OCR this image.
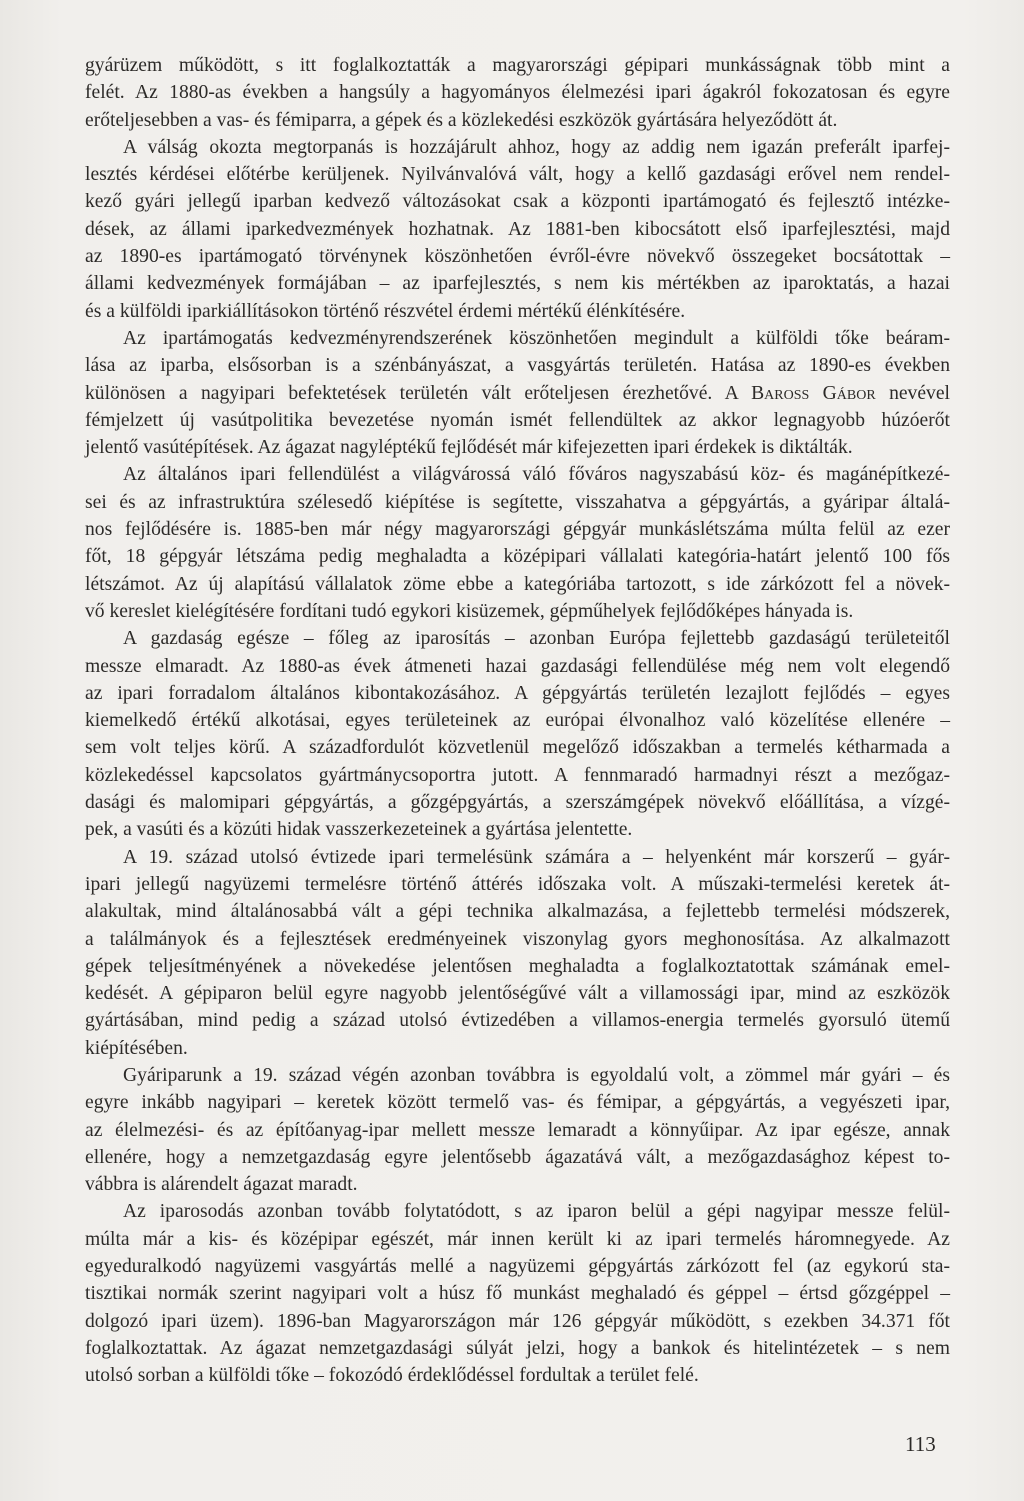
gyárüzem működött, s itt foglalkoztatták a magyarországi gépipari munkásságnak több mint a
felét. Az 1880-as években a hangsúly a hagyományos élelmezési ipari ágakról fokozatosan és egyre
erőteljesebben a vas- és fémiparra, a gépek és a közlekedési eszközök gyártására helyeződött át.
A válság okozta megtorpanás is hozzájárult ahhoz, hogy az addig nem igazán preferált iparfej-
lesztés kérdései előtérbe kerüljenek. Nyilvánvalóvá vált, hogy a kellő gazdasági erővel nem rendel-
kező gyári jellegű iparban kedvező változásokat csak a központi ipartámogató és fejlesztő intézke-
dések, az állami iparkedvezmények hozhatnak. Az 1881-ben kibocsátott első iparfejlesztési, majd
az 1890-es ipartámogató törvénynek köszönhetően évről-évre növekvő összegeket bocsátottak –
állami kedvezmények formájában – az iparfejlesztés, s nem kis mértékben az iparoktatás, a hazai
és a külföldi iparkiállításokon történő részvétel érdemi mértékű élénkítésére.
Az ipartámogatás kedvezményrendszerének köszönhetően megindult a külföldi tőke beáram-
lása az iparba, elsősorban is a szénbányászat, a vasgyártás területén. Hatása az 1890-es években
különösen a nagyipari befektetések területén vált erőteljesen érezhetővé. A Baross Gábor nevével
fémjelzett új vasútpolitika bevezetése nyomán ismét fellendültek az akkor legnagyobb húzóerőt
jelentő vasútépítések. Az ágazat nagyléptékű fejlődését már kifejezetten ipari érdekek is diktálták.
Az általános ipari fellendülést a világvárossá váló főváros nagyszabású köz- és magánépítkezé-
sei és az infrastruktúra szélesedő kiépítése is segítette, visszahatva a gépgyártás, a gyáripar általá-
nos fejlődésére is. 1885-ben már négy magyarországi gépgyár munkáslétszáma múlta felül az ezer
főt, 18 gépgyár létszáma pedig meghaladta a középipari vállalati kategória-határt jelentő 100 fős
létszámot. Az új alapítású vállalatok zöme ebbe a kategóriába tartozott, s ide zárkózott fel a növek-
vő kereslet kielégítésére fordítani tudó egykori kisüzemek, gépműhelyek fejlődőképes hányada is.
A gazdaság egésze – főleg az iparosítás – azonban Európa fejlettebb gazdaságú területeitől
messze elmaradt. Az 1880-as évek átmeneti hazai gazdasági fellendülése még nem volt elegendő
az ipari forradalom általános kibontakozásához. A gépgyártás területén lezajlott fejlődés – egyes
kiemelkedő értékű alkotásai, egyes területeinek az európai élvonalhoz való közelítése ellenére –
sem volt teljes körű. A századfordulót közvetlenül megelőző időszakban a termelés kétharmada a
közlekedéssel kapcsolatos gyártmánycsoportra jutott. A fennmaradó harmadnyi részt a mezőgaz-
dasági és malomipari gépgyártás, a gőzgépgyártás, a szerszámgépek növekvő előállítása, a vízgé-
pek, a vasúti és a közúti hidak vasszerkezeteinek a gyártása jelentette.
A 19. század utolsó évtizede ipari termelésünk számára a – helyenként már korszerű – gyár-
ipari jellegű nagyüzemi termelésre történő áttérés időszaka volt. A műszaki-termelési keretek át-
alakultak, mind általánosabbá vált a gépi technika alkalmazása, a fejlettebb termelési módszerek,
a találmányok és a fejlesztések eredményeinek viszonylag gyors meghonosítása. Az alkalmazott
gépek teljesítményének a növekedése jelentősen meghaladta a foglalkoztatottak számának emel-
kedését. A gépiparon belül egyre nagyobb jelentőségűvé vált a villamossági ipar, mind az eszközök
gyártásában, mind pedig a század utolsó évtizedében a villamos-energia termelés gyorsuló ütemű
kiépítésében.
Gyáriparunk a 19. század végén azonban továbbra is egyoldalú volt, a zömmel már gyári – és
egyre inkább nagyipari – keretek között termelő vas- és fémipar, a gépgyártás, a vegyészeti ipar,
az élelmezési- és az építőanyag-ipar mellett messze lemaradt a könnyűipar. Az ipar egésze, annak
ellenére, hogy a nemzetgazdaság egyre jelentősebb ágazatává vált, a mezőgazdasághoz képest to-
vábbra is alárendelt ágazat maradt.
Az iparosodás azonban tovább folytatódott, s az iparon belül a gépi nagyipar messze felül-
múlta már a kis- és középipar egészét, már innen került ki az ipari termelés háromnegyede. Az
egyeduralkodó nagyüzemi vasgyártás mellé a nagyüzemi gépgyártás zárkózott fel (az egykorú sta-
tisztikai normák szerint nagyipari volt a húsz fő munkást meghaladó és géppel – értsd gőzgéppel –
dolgozó ipari üzem). 1896-ban Magyarországon már 126 gépgyár működött, s ezekben 34.371 főt
foglalkoztattak. Az ágazat nemzetgazdasági súlyát jelzi, hogy a bankok és hitelintézetek – s nem
utolsó sorban a külföldi tőke – fokozódó érdeklődéssel fordultak a terület felé.
113
